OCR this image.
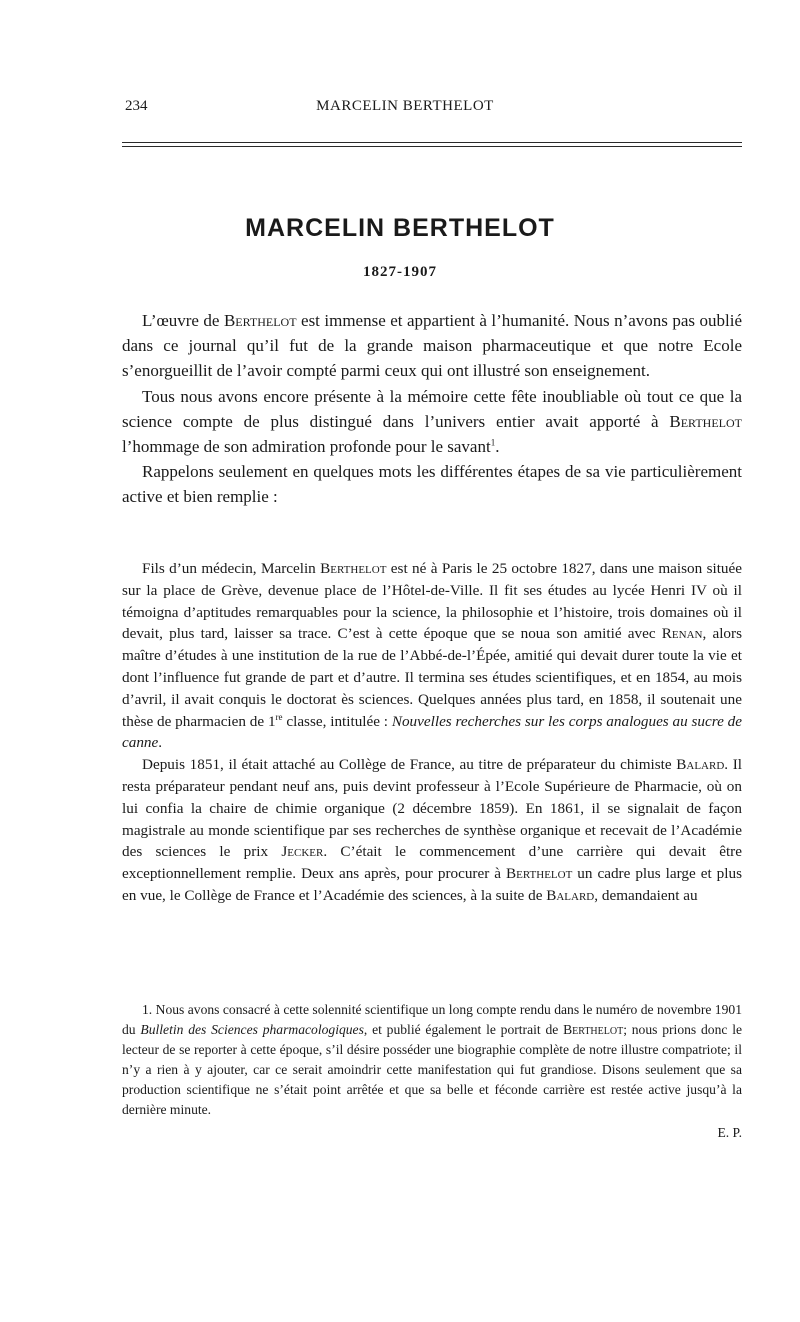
234	MARCELIN BERTHELOT
MARCELIN BERTHELOT
1827-1907

L’œuvre de Berthelot est immense et appartient à l’humanité. Nous n’avons pas oublié dans ce journal qu’il fut de la grande maison pharmaceutique et que notre Ecole s’enorgueillit de l’avoir compté parmi ceux qui ont illustré son enseignement.

Tous nous avons encore présente à la mémoire cette fête inoubliable où tout ce que la science compte de plus distingué dans l’univers entier avait apporté à Berthelot l’hommage de son admiration profonde pour le savant$^1$.

Rappelons seulement en quelques mots les différentes étapes de sa vie particulièrement active et bien remplie :

Fils d’un médecin, Marcelin Berthelot est né à Paris le 25 octobre 1827, dans une maison située sur la place de Grève, devenue place de l’Hôtel-de-Ville. Il fit ses études au lycée Henri IV où il témoigna d’aptitudes remarquables pour la science, la philosophie et l’histoire, trois domaines où il devait, plus tard, laisser sa trace. C’est à cette époque que se noua son amitié avec Renan, alors maître d’études à une institution de la rue de l’Abbé-de-l’Épée, amitié qui devait durer toute la vie et dont l’influence fut grande de part et d’autre. Il termina ses études scientifiques, et en 1854, au mois d’avril, il avait conquis le doctorat ès sciences. Quelques années plus tard, en 1858, il soutenait une thèse de pharmacien de 1re classe, intitulée : Nouvelles recherches sur les corps analogues au sucre de canne.

Depuis 1851, il était attaché au Collège de France, au titre de préparateur du chimiste Balard. Il resta préparateur pendant neuf ans, puis devint professeur à l’Ecole Supérieure de Pharmacie, où on lui confia la chaire de chimie organique (2 décembre 1859). En 1861, il se signalait de façon magistrale au monde scientifique par ses recherches de synthèse organique et recevait de l’Académie des sciences le prix Jecker. C’était le commencement d’une carrière qui devait être exceptionnellement remplie. Deux ans après, pour procurer à Berthelot un cadre plus large et plus en vue, le Collège de France et l’Académie des sciences, à la suite de Balard, demandaient au

1. Nous avons consacré à cette solennité scientifique un long compte rendu dans le numéro de novembre 1901 du Bulletin des Sciences pharmacologiques, et publié également le portrait de Berthelot; nous prions donc le lecteur de se reporter à cette époque, s’il désire posséder une biographie complète de notre illustre compatriote; il n’y a rien à y ajouter, car ce serait amoindrir cette manifestation qui fut grandiose. Disons seulement que sa production scientifique ne s’était point arrêtée et que sa belle et féconde carrière est restée active jusqu’à la dernière minute.

E. P.
